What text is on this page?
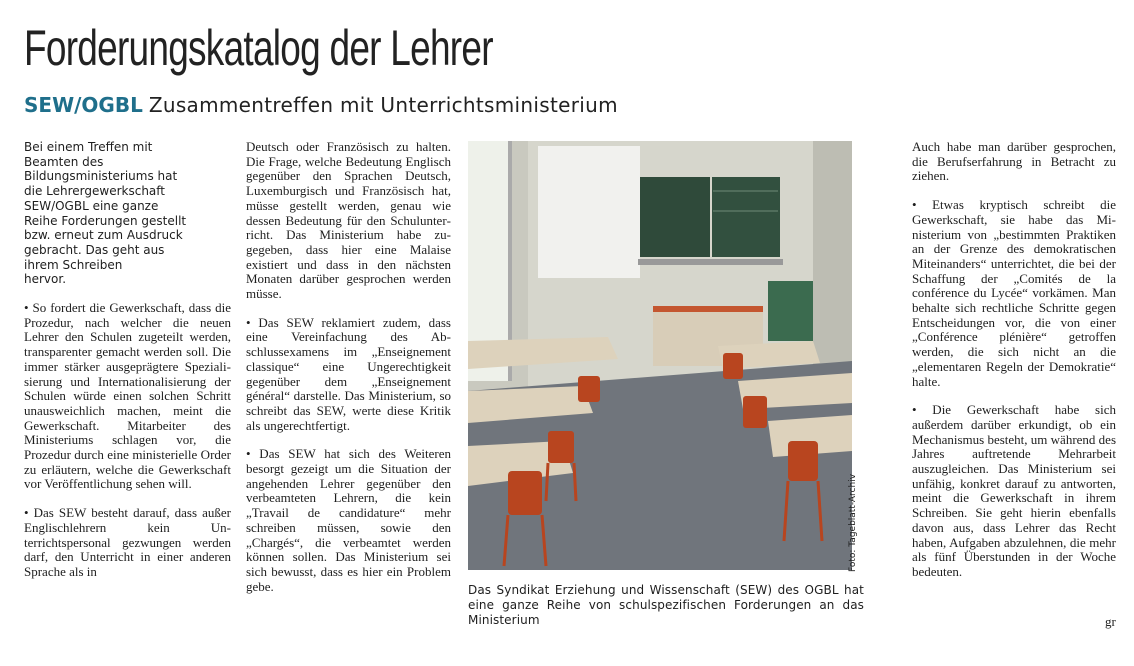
Forderungskatalog der Lehrer
SEW/OGBL Zusammentreffen mit Unterrichtsministerium

Bei einem Treffen mit
Beamten des
Bildungsministeriums hat
die Lehrergewerkschaft
SEW/OGBL eine ganze
Reihe Forderungen gestellt
bzw. erneut zum Ausdruck
gebracht. Das geht aus
ihrem Schreiben
hervor.

• So fordert die Gewerkschaft, dass die Prozedur, nach welcher die neuen Lehrer den Schulen zugeteilt werden, transparenter gemacht werden soll. Die immer stärker ausgeprägtere Spezialisierung und Internationalisierung der Schulen würde einen solchen Schritt unausweichlich machen, meint die Gewerkschaft. Mitarbeiter des Ministeriums schlagen vor, die Prozedur durch eine ministerielle Order zu erläutern, welche die Gewerkschaft vor Veröffentlichung sehen will.

• Das SEW besteht darauf, dass außer Englischlehrern kein Unterrichtspersonal gezwungen werden darf, den Unterricht in einer anderen Sprache als in

Deutsch oder Französisch zu halten. Die Frage, welche Bedeutung Englisch gegenüber den Sprachen Deutsch, Luxemburgisch und Französisch hat, müsse gestellt werden, genau wie dessen Bedeutung für den Schulunterricht. Das Ministerium habe zugegeben, dass hier eine Malaise existiert und dass in den nächsten Monaten darüber gesprochen werden müsse.

• Das SEW reklamiert zudem, dass eine Vereinfachung des Abschlussexamens im „Enseignement classique“ eine Ungerechtigkeit gegenüber dem „Enseignement général“ darstelle. Das Ministerium, so schreibt das SEW, werte diese Kritik als ungerechtfertigt.

• Das SEW hat sich des Weiteren besorgt gezeigt um die Situation der angehenden Lehrer gegenüber den verbeamteten Lehrern, die kein „Travail de candidature“ mehr schreiben müssen, sowie den „Chargés“, die verbeamtet werden können sollen. Das Ministerium sei sich bewusst, dass es hier ein Problem gebe.

Foto: Tageblatt-Archiv
Das Syndikat Erziehung und Wissenschaft (SEW) des OGBL hat eine ganze Reihe von schulspezifischen Forderungen an das Ministerium

Auch habe man darüber gesprochen, die Berufserfahrung in Betracht zu ziehen.

• Etwas kryptisch schreibt die Gewerkschaft, sie habe das Ministerium von „bestimmten Praktiken an der Grenze des demokratischen Miteinanders“ unterrichtet, die bei der Schaffung der „Comités de la conférence du Lycée“ vorkämen. Man behalte sich rechtliche Schritte gegen Entscheidungen vor, die von einer „Conférence plénière“ getroffen werden, die sich nicht an die „elementaren Regeln der Demokratie“ halte.

• Die Gewerkschaft habe sich außerdem darüber erkundigt, ob ein Mechanismus besteht, um während des Jahres auftretende Mehrarbeit auszugleichen. Das Ministerium sei unfähig, konkret darauf zu antworten, meint die Gewerkschaft in ihrem Schreiben. Sie geht hierin ebenfalls davon aus, dass Lehrer das Recht haben, Aufgaben abzulehnen, die mehr als fünf Überstunden in der Woche bedeuten.

gr
